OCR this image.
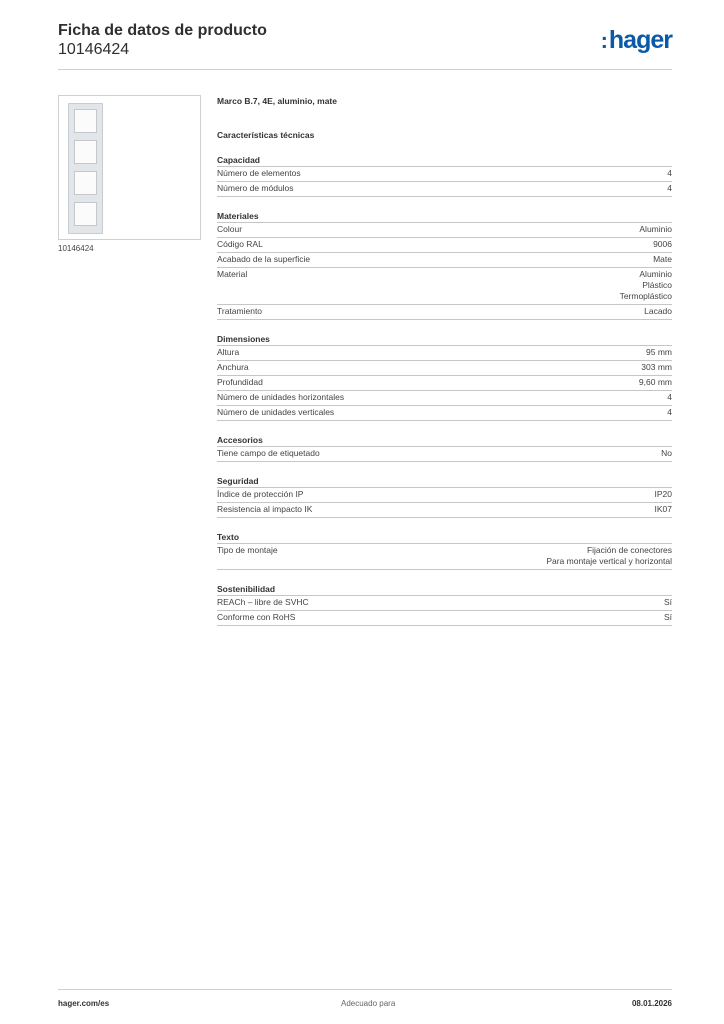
Ficha de datos de producto
10146424	:hager
10146424
Marco B.7, 4E, aluminio, mate
Características técnicas
Capacidad
Número de elementos	4
Número de módulos	4
Materiales
Colour	Aluminio
Código RAL	9006
Acabado de la superficie	Mate
Material	Aluminio
Plástico
Termoplástico
Tratamiento	Lacado
Dimensiones
Altura	95 mm
Anchura	303 mm
Profundidad	9,60 mm
Número de unidades horizontales	4
Número de unidades verticales	4
Accesorios
Tiene campo de etiquetado	No
Seguridad
Índice de protección IP	IP20
Resistencia al impacto IK	IK07
Texto
Tipo de montaje	Fijación de conectores
Para montaje vertical y horizontal
Sostenibilidad
REACh – libre de SVHC	Sí
Conforme con RoHS	Sí
hager.com/es	Adecuado para	08.01.2026
